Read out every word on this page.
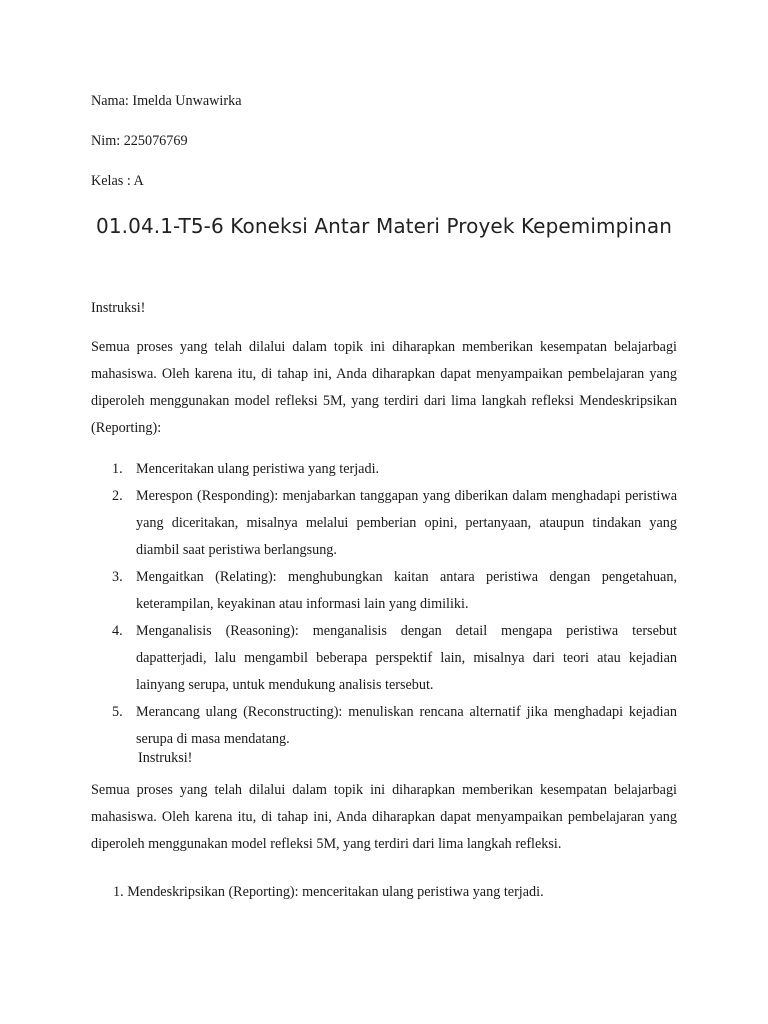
Nama: Imelda Unwawirka
Nim: 225076769
Kelas : A
01.04.1-T5-6 Koneksi Antar Materi Proyek Kepemimpinan
Instruksi!
Semua proses yang telah dilalui dalam topik ini diharapkan memberikan kesempatan belajarbagi mahasiswa. Oleh karena itu, di tahap ini, Anda diharapkan dapat menyampaikan pembelajaran yang diperoleh menggunakan model refleksi 5M, yang terdiri dari lima langkah refleksi Mendeskripsikan (Reporting):
1. Menceritakan ulang peristiwa yang terjadi.
2. Merespon (Responding): menjabarkan tanggapan yang diberikan dalam menghadapi peristiwa yang diceritakan, misalnya melalui pemberian opini, pertanyaan, ataupun tindakan yang diambil saat peristiwa berlangsung.
3. Mengaitkan (Relating): menghubungkan kaitan antara peristiwa dengan pengetahuan, keterampilan, keyakinan atau informasi lain yang dimiliki.
4. Menganalisis (Reasoning): menganalisis dengan detail mengapa peristiwa tersebut dapatterjadi, lalu mengambil beberapa perspektif lain, misalnya dari teori atau kejadian lainyang serupa, untuk mendukung analisis tersebut.
5. Merancang ulang (Reconstructing): menuliskan rencana alternatif jika menghadapi kejadian serupa di masa mendatang.
Instruksi!
Semua proses yang telah dilalui dalam topik ini diharapkan memberikan kesempatan belajarbagi mahasiswa. Oleh karena itu, di tahap ini, Anda diharapkan dapat menyampaikan pembelajaran yang diperoleh menggunakan model refleksi 5M, yang terdiri dari lima langkah refleksi.
1. Mendeskripsikan (Reporting): menceritakan ulang peristiwa yang terjadi.
